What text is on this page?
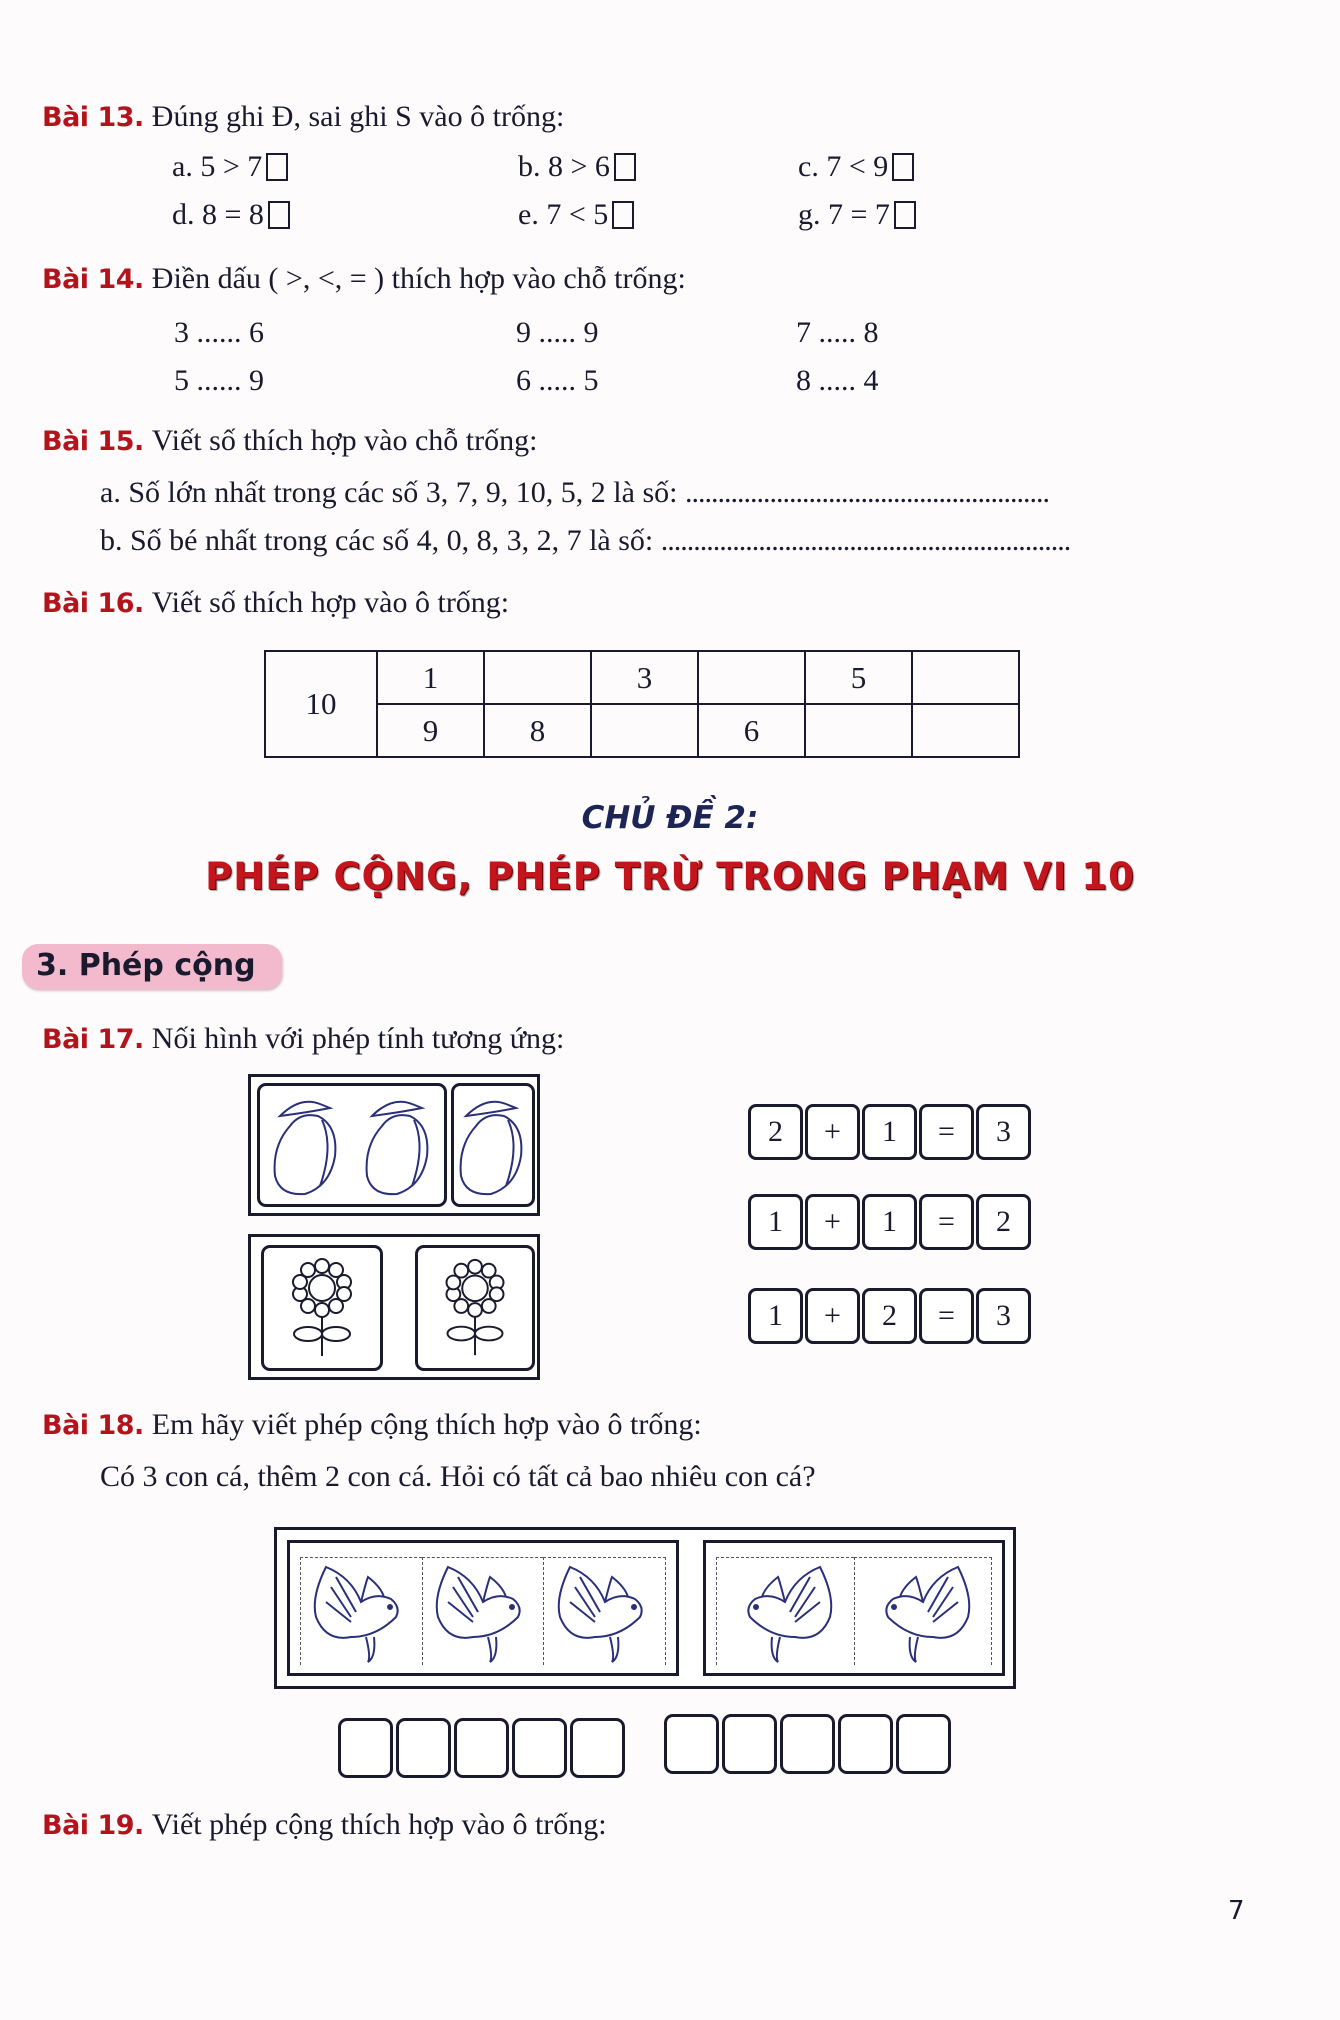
Bài 13. Đúng ghi Đ, sai ghi S vào ô trống:
a. 5 > 7	b. 8 > 6	c. 7 < 9
d. 8 = 8	e. 7 < 5	g. 7 = 7
Bài 14. Điền dấu ( >, <, = ) thích hợp vào chỗ trống:
3 ...... 6	9 ..... 9	7 ..... 8
5 ...... 9	6 ..... 5	8 ..... 4
Bài 15. Viết số thích hợp vào chỗ trống:
a. Số lớn nhất trong các số 3, 7, 9, 10, 5, 2 là số: ........................................................
b. Số bé nhất trong các số 4, 0, 8, 3, 2, 7 là số: ...............................................................
Bài 16. Viết số thích hợp vào ô trống:
10	1		3		5	
	9	8		6		
CHỦ ĐỀ 2:
PHÉP CỘNG, PHÉP TRỪ TRONG PHẠM VI 10
3. Phép cộng
Bài 17. Nối hình với phép tính tương ứng:
2	+	1	=	3
1	+	1	=	2
1	+	2	=	3
Bài 18. Em hãy viết phép cộng thích hợp vào ô trống:
Có 3 con cá, thêm 2 con cá. Hỏi có tất cả bao nhiêu con cá?
Bài 19. Viết phép cộng thích hợp vào ô trống:
7
